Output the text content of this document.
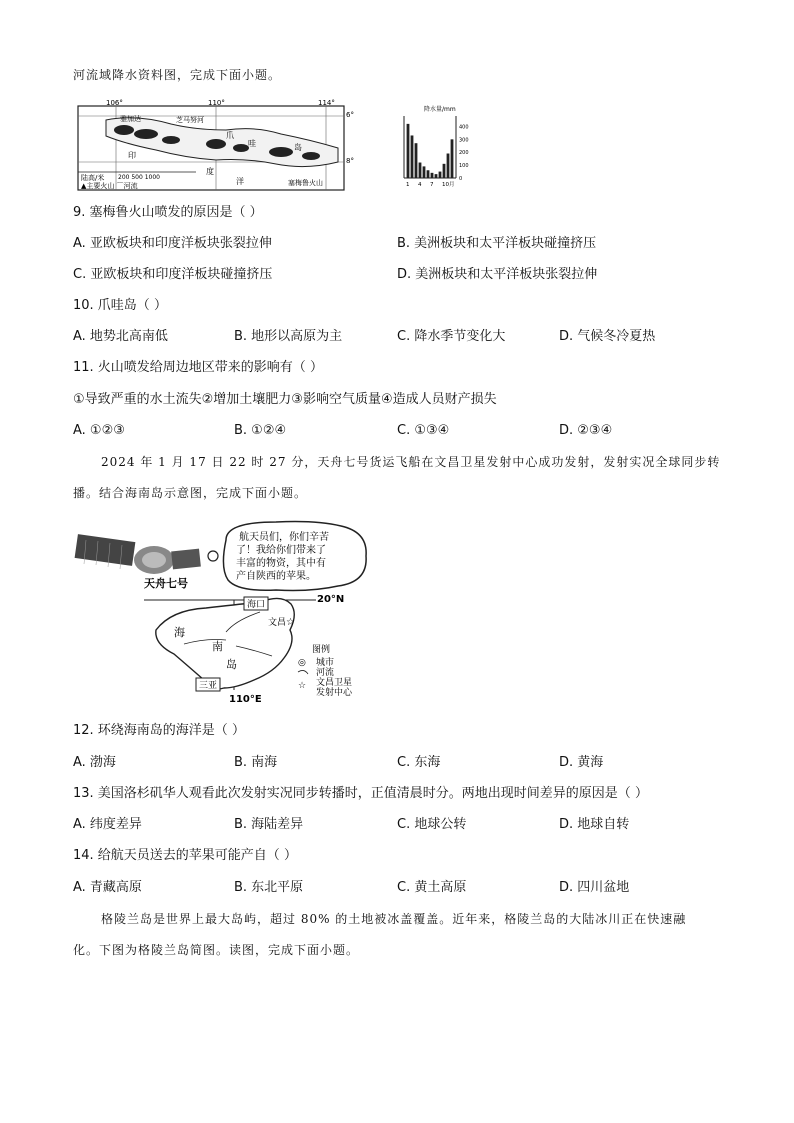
河流域降水资料图，完成下面小题。
106°	110°	114°
6°
8°
雅加达	芝马努河
爪
哇	岛
印
度
洋	塞梅鲁火山
陆高/米 200 500 1000
▲主要火山 ⌒河流
降水量/mm
400
300
200
100
0
1 4 7 10月
9. 塞梅鲁火山喷发的原因是（ ）
A. 亚欧板块和印度洋板块张裂拉伸	B. 美洲板块和太平洋板块碰撞挤压
C. 亚欧板块和印度洋板块碰撞挤压	D. 美洲板块和太平洋板块张裂拉伸
10. 爪哇岛（ ）
A. 地势北高南低	B. 地形以高原为主	C. 降水季节变化大	D. 气候冬冷夏热
11. 火山喷发给周边地区带来的影响有（ ）
①导致严重的水土流失②增加土壤肥力③影响空气质量④造成人员财产损失
A. ①②③	B. ①②④	C. ①③④	D. ②③④
2024 年 1 月 17 日 22 时 27 分，天舟七号货运飞船在文昌卫星发射中心成功发射，发射实况全球同步转
播。结合海南岛示意图，完成下面小题。
天舟七号
航天员们，你们辛苦
了！我给你们带来了
丰富的物资，其中有
产自陕西的苹果。
20°N
110°E
海口
文昌 ☆
三亚
海
南
岛
图例
◎ 城市
河流
☆ 文昌卫星
发射中心
12. 环绕海南岛的海洋是（ ）
A. 渤海	B. 南海	C. 东海	D. 黄海
13. 美国洛杉矶华人观看此次发射实况同步转播时，正值清晨时分。两地出现时间差异的原因是（ ）
A. 纬度差异	B. 海陆差异	C. 地球公转	D. 地球自转
14. 给航天员送去的苹果可能产自（ ）
A. 青藏高原	B. 东北平原	C. 黄土高原	D. 四川盆地
格陵兰岛是世界上最大岛屿，超过 80% 的土地被冰盖覆盖。近年来，格陵兰岛的大陆冰川正在快速融
化。下图为格陵兰岛简图。读图，完成下面小题。
